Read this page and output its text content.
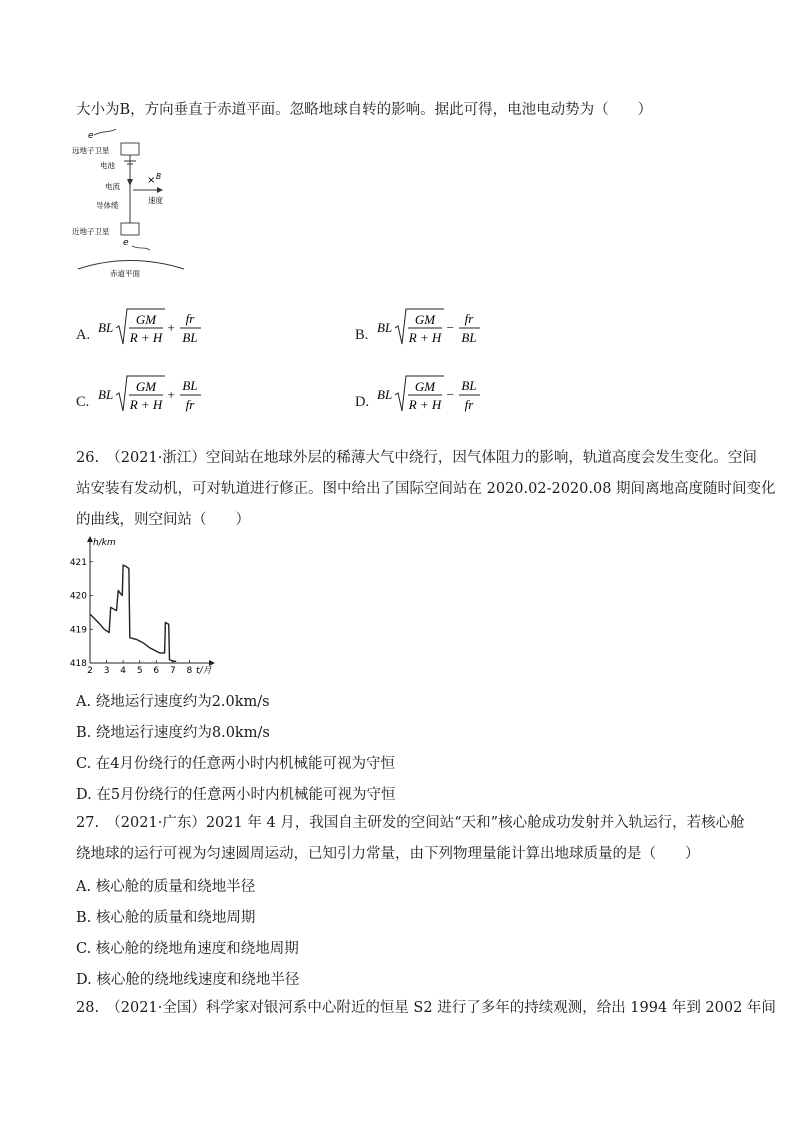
大小为B，方向垂直于赤道平面。忽略地球自转的影响。据此可得，电池电动势为（　　）
e
远地子卫星
电池
电流
导体缆
× B
速度
近地子卫星
e
赤道平面
A. BL
GM
R + H
+
fr
BL	B. BL
GM
R + H
−
fr
BL
C. BL
GM
R + H
+
BL
fr	D. BL
GM
R + H
−
BL
fr
26.　（2021·浙江）空间站在地球外层的稀薄大气中绕行，因气体阻力的影响，轨道高度会发生变化。空间
站安装有发动机，可对轨道进行修正。图中给出了国际空间站在 2020.02-2020.08 期间离地高度随时间变化
的曲线，则空间站（　　）
h/km
418
419
420
421
2 3 4 5 6 7 8 t/月
A. 绕地运行速度约为2.0km/s
B. 绕地运行速度约为8.0km/s
C. 在4月份绕行的任意两小时内机械能可视为守恒
D. 在5月份绕行的任意两小时内机械能可视为守恒
27.　（2021·广东）2021 年 4 月，我国自主研发的空间站“天和”核心舱成功发射并入轨运行，若核心舱
绕地球的运行可视为匀速圆周运动，已知引力常量，由下列物理量能计算出地球质量的是（　　）
A. 核心舱的质量和绕地半径
B. 核心舱的质量和绕地周期
C. 核心舱的绕地角速度和绕地周期
D. 核心舱的绕地线速度和绕地半径
28.　（2021·全国）科学家对银河系中心附近的恒星 S2 进行了多年的持续观测，给出 1994 年到 2002 年间
